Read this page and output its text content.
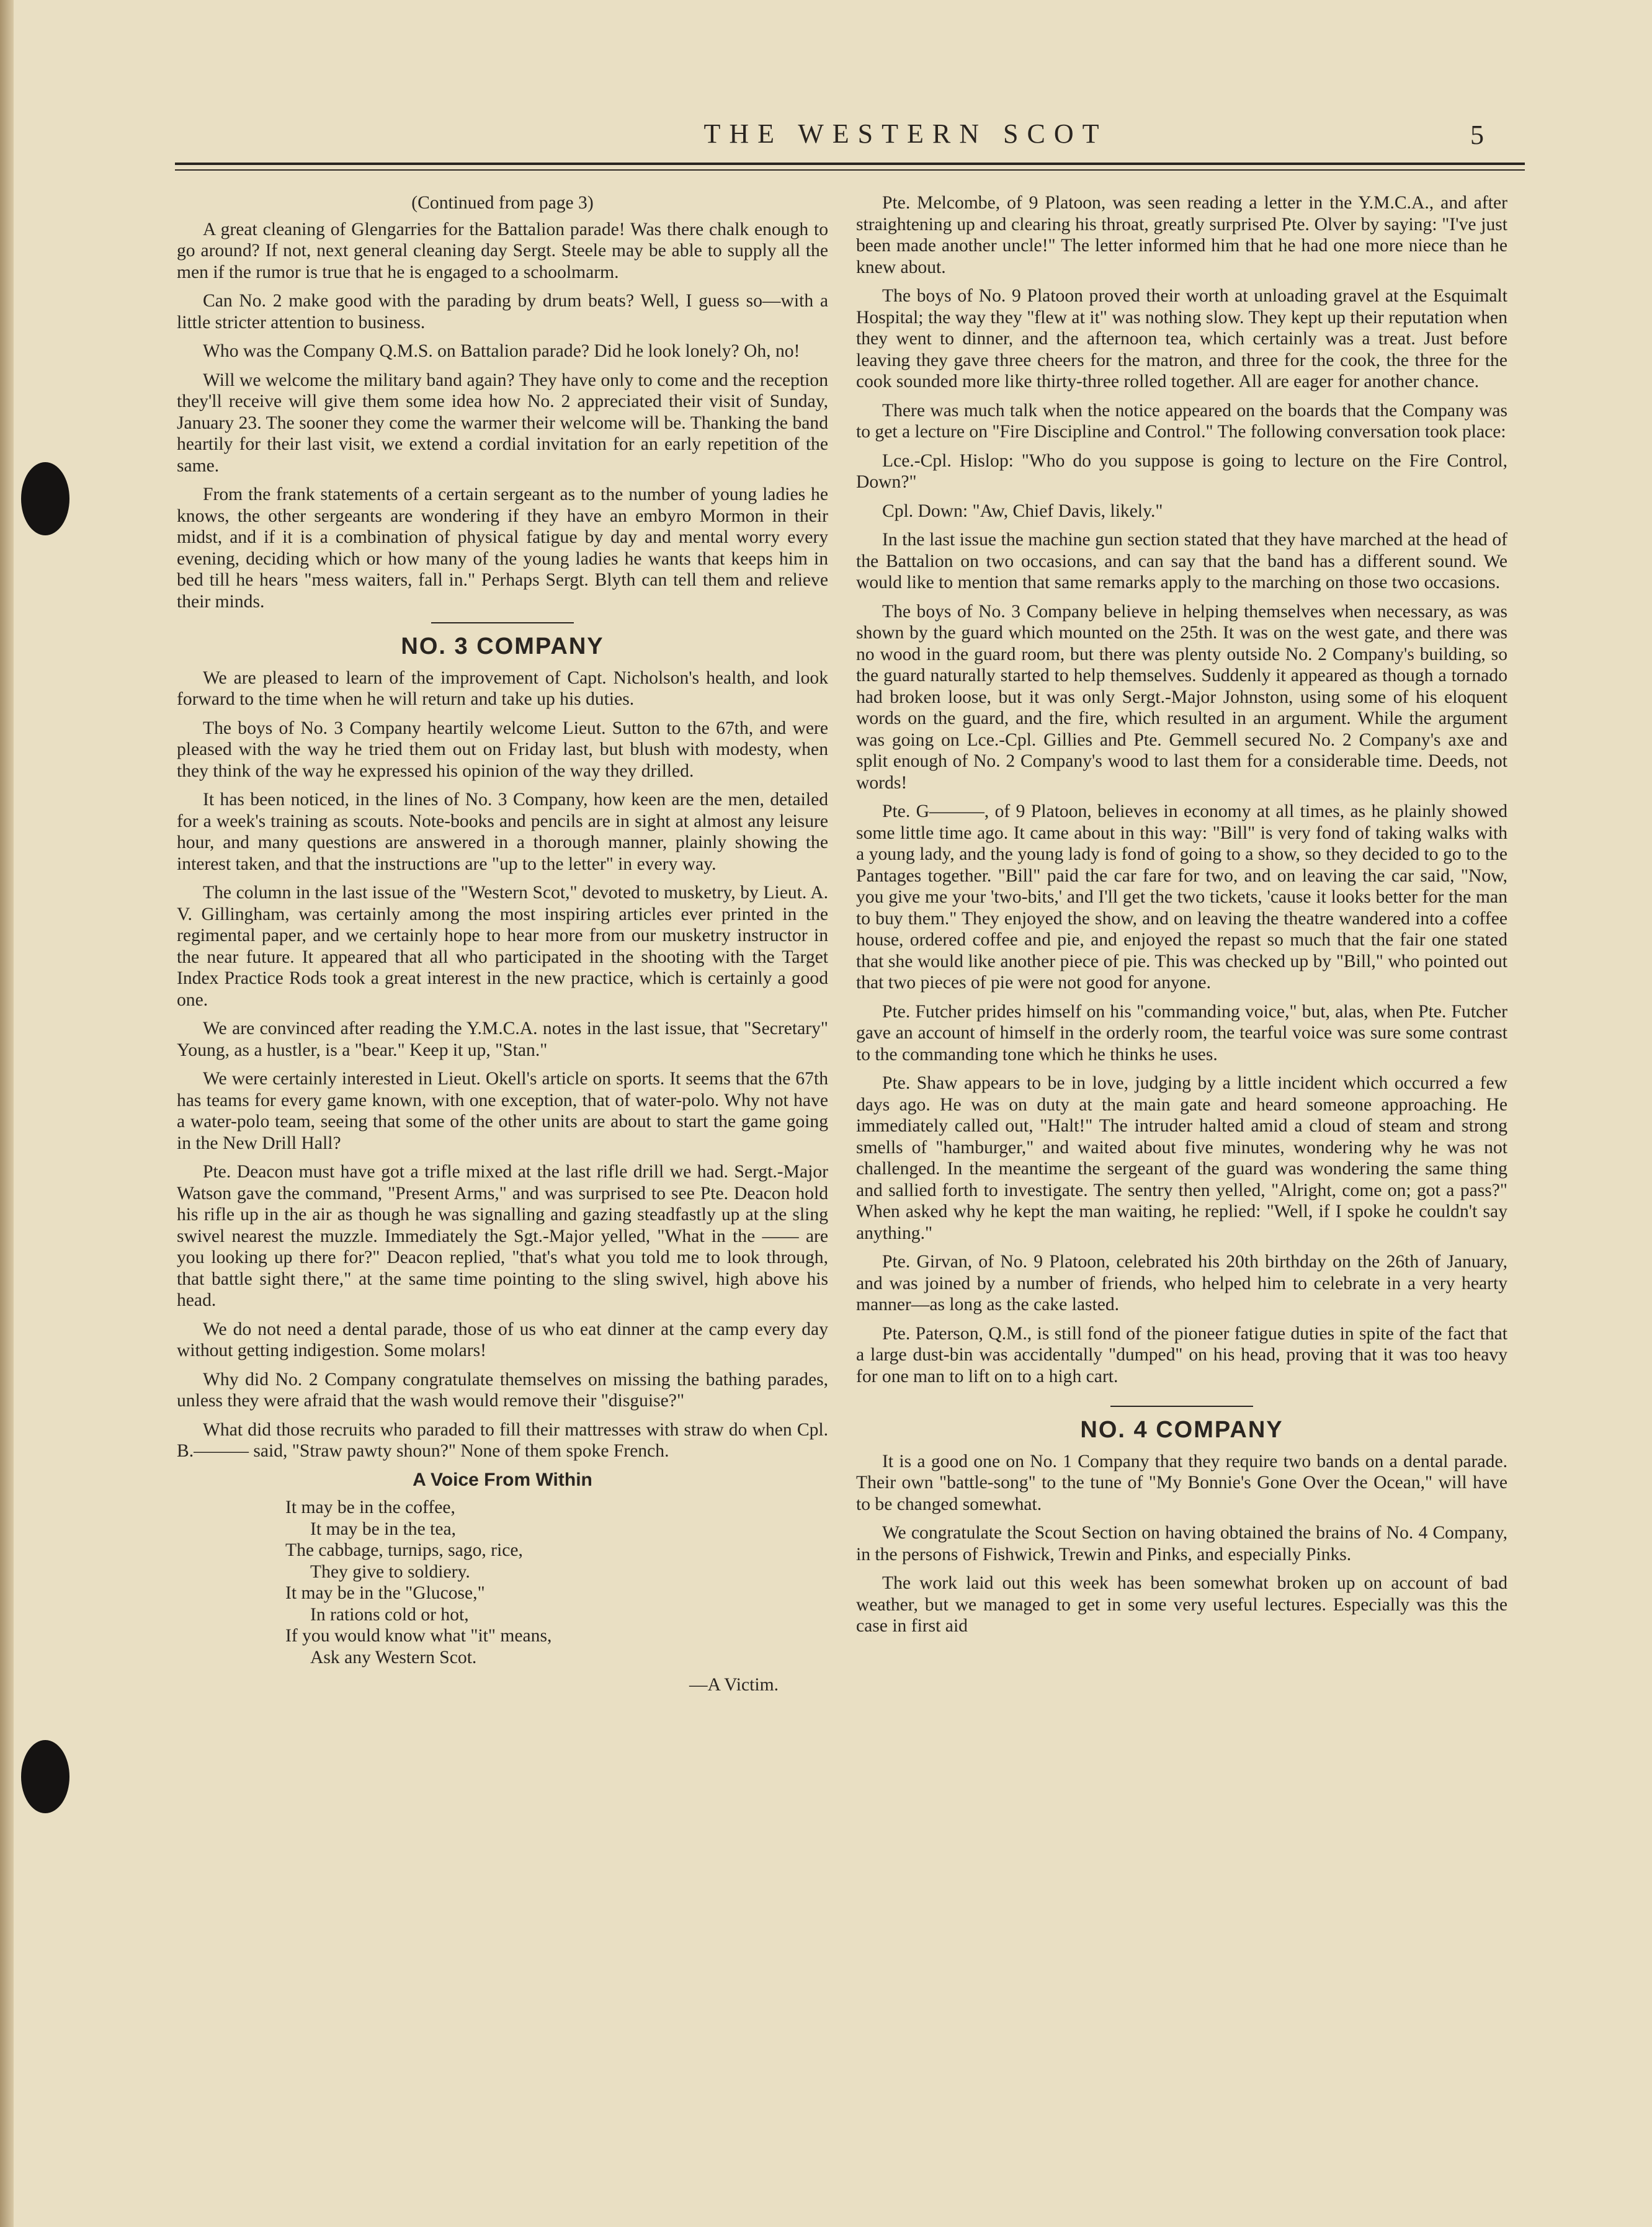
THE WESTERN SCOT	5
(Continued from page 3)

A great cleaning of Glengarries for the Battalion parade! Was there chalk enough to go around? If not, next general cleaning day Sergt. Steele may be able to supply all the men if the rumor is true that he is engaged to a schoolmarm.

Can No. 2 make good with the parading by drum beats? Well, I guess so—with a little stricter attention to business.

Who was the Company Q.M.S. on Battalion parade? Did he look lonely? Oh, no!

Will we welcome the military band again? They have only to come and the reception they'll receive will give them some idea how No. 2 appreciated their visit of Sunday, January 23. The sooner they come the warmer their welcome will be. Thanking the band heartily for their last visit, we extend a cordial invitation for an early repetition of the same.

From the frank statements of a certain sergeant as to the number of young ladies he knows, the other sergeants are wondering if they have an embyro Mormon in their midst, and if it is a combination of physical fatigue by day and mental worry every evening, deciding which or how many of the young ladies he wants that keeps him in bed till he hears "mess waiters, fall in." Perhaps Sergt. Blyth can tell them and relieve their minds.

NO. 3 COMPANY

We are pleased to learn of the improvement of Capt. Nicholson's health, and look forward to the time when he will return and take up his duties.

The boys of No. 3 Company heartily welcome Lieut. Sutton to the 67th, and were pleased with the way he tried them out on Friday last, but blush with modesty, when they think of the way he expressed his opinion of the way they drilled.

It has been noticed, in the lines of No. 3 Company, how keen are the men, detailed for a week's training as scouts. Note-books and pencils are in sight at almost any leisure hour, and many questions are answered in a thorough manner, plainly showing the interest taken, and that the instructions are "up to the letter" in every way.

The column in the last issue of the "Western Scot," devoted to musketry, by Lieut. A. V. Gillingham, was certainly among the most inspiring articles ever printed in the regimental paper, and we certainly hope to hear more from our musketry instructor in the near future. It appeared that all who participated in the shooting with the Target Index Practice Rods took a great interest in the new practice, which is certainly a good one.

We are convinced after reading the Y.M.C.A. notes in the last issue, that "Secretary" Young, as a hustler, is a "bear." Keep it up, "Stan."

We were certainly interested in Lieut. Okell's article on sports. It seems that the 67th has teams for every game known, with one exception, that of water-polo. Why not have a water-polo team, seeing that some of the other units are about to start the game going in the New Drill Hall?

Pte. Deacon must have got a trifle mixed at the last rifle drill we had. Sergt.-Major Watson gave the command, "Present Arms," and was surprised to see Pte. Deacon hold his rifle up in the air as though he was signalling and gazing steadfastly up at the sling swivel nearest the muzzle. Immediately the Sgt.-Major yelled, "What in the —— are you looking up there for?" Deacon replied, "that's what you told me to look through, that battle sight there," at the same time pointing to the sling swivel, high above his head.

We do not need a dental parade, those of us who eat dinner at the camp every day without getting indigestion. Some molars!

Why did No. 2 Company congratulate themselves on missing the bathing parades, unless they were afraid that the wash would remove their "disguise?"

What did those recruits who paraded to fill their mattresses with straw do when Cpl. B.——— said, "Straw pawty shoun?" None of them spoke French.

A Voice From Within
It may be in the coffee,
It may be in the tea,
The cabbage, turnips, sago, rice,
They give to soldiery.
It may be in the "Glucose,"
In rations cold or hot,
If you would know what "it" means,
Ask any Western Scot.
—A Victim.

Pte. Melcombe, of 9 Platoon, was seen reading a letter in the Y.M.C.A., and after straightening up and clearing his throat, greatly surprised Pte. Olver by saying: "I've just been made another uncle!" The letter informed him that he had one more niece than he knew about.

The boys of No. 9 Platoon proved their worth at unloading gravel at the Esquimalt Hospital; the way they "flew at it" was nothing slow. They kept up their reputation when they went to dinner, and the afternoon tea, which certainly was a treat. Just before leaving they gave three cheers for the matron, and three for the cook, the three for the cook sounded more like thirty-three rolled together. All are eager for another chance.

There was much talk when the notice appeared on the boards that the Company was to get a lecture on "Fire Discipline and Control." The following conversation took place:

Lce.-Cpl. Hislop: "Who do you suppose is going to lecture on the Fire Control, Down?"

Cpl. Down: "Aw, Chief Davis, likely."

In the last issue the machine gun section stated that they have marched at the head of the Battalion on two occasions, and can say that the band has a different sound. We would like to mention that same remarks apply to the marching on those two occasions.

The boys of No. 3 Company believe in helping themselves when necessary, as was shown by the guard which mounted on the 25th. It was on the west gate, and there was no wood in the guard room, but there was plenty outside No. 2 Company's building, so the guard naturally started to help themselves. Suddenly it appeared as though a tornado had broken loose, but it was only Sergt.-Major Johnston, using some of his eloquent words on the guard, and the fire, which resulted in an argument. While the argument was going on Lce.-Cpl. Gillies and Pte. Gemmell secured No. 2 Company's axe and split enough of No. 2 Company's wood to last them for a considerable time. Deeds, not words!

Pte. G———, of 9 Platoon, believes in economy at all times, as he plainly showed some little time ago. It came about in this way: "Bill" is very fond of taking walks with a young lady, and the young lady is fond of going to a show, so they decided to go to the Pantages together. "Bill" paid the car fare for two, and on leaving the car said, "Now, you give me your 'two-bits,' and I'll get the two tickets, 'cause it looks better for the man to buy them." They enjoyed the show, and on leaving the theatre wandered into a coffee house, ordered coffee and pie, and enjoyed the repast so much that the fair one stated that she would like another piece of pie. This was checked up by "Bill," who pointed out that two pieces of pie were not good for anyone.

Pte. Futcher prides himself on his "commanding voice," but, alas, when Pte. Futcher gave an account of himself in the orderly room, the tearful voice was sure some contrast to the commanding tone which he thinks he uses.

Pte. Shaw appears to be in love, judging by a little incident which occurred a few days ago. He was on duty at the main gate and heard someone approaching. He immediately called out, "Halt!" The intruder halted amid a cloud of steam and strong smells of "hamburger," and waited about five minutes, wondering why he was not challenged. In the meantime the sergeant of the guard was wondering the same thing and sallied forth to investigate. The sentry then yelled, "Alright, come on; got a pass?" When asked why he kept the man waiting, he replied: "Well, if I spoke he couldn't say anything."

Pte. Girvan, of No. 9 Platoon, celebrated his 20th birthday on the 26th of January, and was joined by a number of friends, who helped him to celebrate in a very hearty manner—as long as the cake lasted.

Pte. Paterson, Q.M., is still fond of the pioneer fatigue duties in spite of the fact that a large dust-bin was accidentally "dumped" on his head, proving that it was too heavy for one man to lift on to a high cart.

NO. 4 COMPANY

It is a good one on No. 1 Company that they require two bands on a dental parade. Their own "battle-song" to the tune of "My Bonnie's Gone Over the Ocean," will have to be changed somewhat.

We congratulate the Scout Section on having obtained the brains of No. 4 Company, in the persons of Fishwick, Trewin and Pinks, and especially Pinks.

The work laid out this week has been somewhat broken up on account of bad weather, but we managed to get in some very useful lectures. Especially was this the case in first aid
